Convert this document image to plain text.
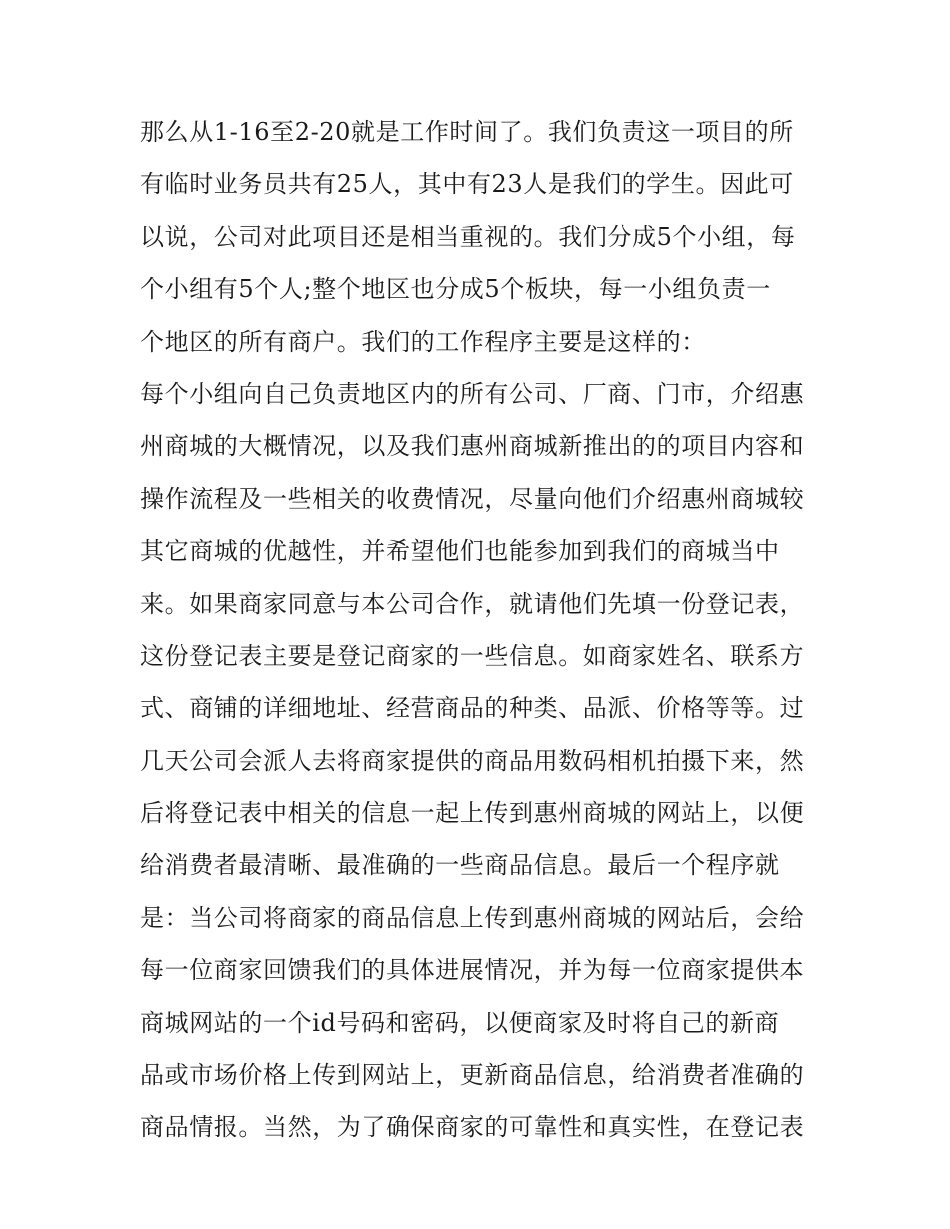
那么从1-16至2-20就是工作时间了。我们负责这一项目的所
有临时业务员共有25人，其中有23人是我们的学生。因此可
以说，公司对此项目还是相当重视的。我们分成5个小组，每
个小组有5个人;整个地区也分成5个板块，每一小组负责一
个地区的所有商户。我们的工作程序主要是这样的：
每个小组向自己负责地区内的所有公司、厂商、门市，介绍惠
州商城的大概情况，以及我们惠州商城新推出的的项目内容和
操作流程及一些相关的收费情况，尽量向他们介绍惠州商城较
其它商城的优越性，并希望他们也能参加到我们的商城当中
来。如果商家同意与本公司合作，就请他们先填一份登记表，
这份登记表主要是登记商家的一些信息。如商家姓名、联系方
式、商铺的详细地址、经营商品的种类、品派、价格等等。过
几天公司会派人去将商家提供的商品用数码相机拍摄下来，然
后将登记表中相关的信息一起上传到惠州商城的网站上，以便
给消费者最清晰、最准确的一些商品信息。最后一个程序就
是：当公司将商家的商品信息上传到惠州商城的网站后，会给
每一位商家回馈我们的具体进展情况，并为每一位商家提供本
商城网站的一个id号码和密码，以便商家及时将自己的新商
品或市场价格上传到网站上，更新商品信息，给消费者准确的
商品情报。当然，为了确保商家的可靠性和真实性，在登记表
